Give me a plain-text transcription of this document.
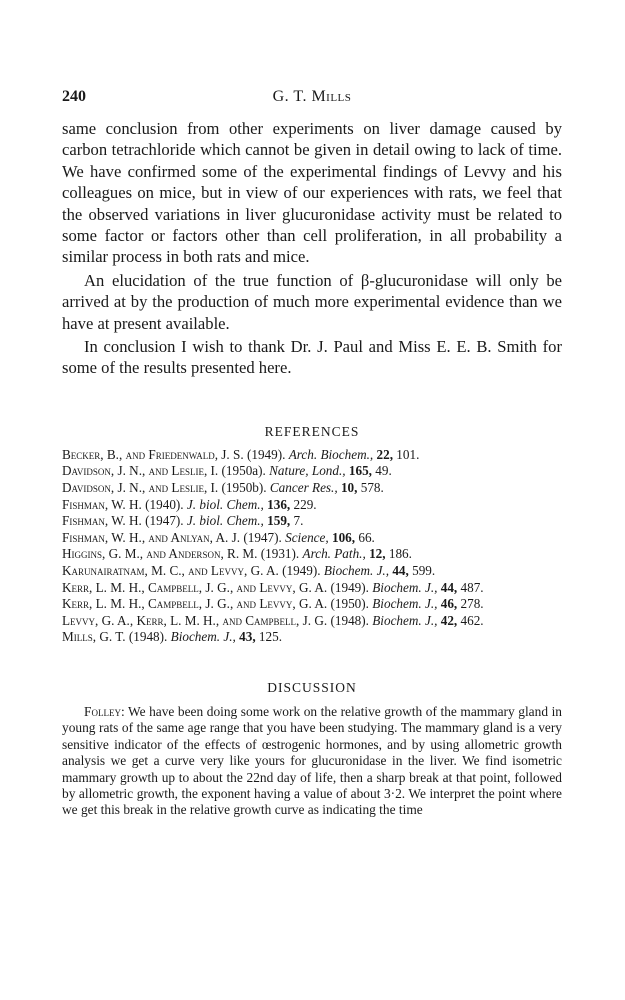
240	G. T. Mills

same conclusion from other experiments on liver damage caused by carbon tetrachloride which cannot be given in detail owing to lack of time. We have confirmed some of the experimental findings of Levvy and his colleagues on mice, but in view of our experiences with rats, we feel that the observed variations in liver glucuronidase activity must be related to some factor or factors other than cell proliferation, in all probability a similar process in both rats and mice.

An elucidation of the true function of β-glucuronidase will only be arrived at by the production of much more experimental evidence than we have at present available.

In conclusion I wish to thank Dr. J. Paul and Miss E. E. B. Smith for some of the results presented here.

REFERENCES

Becker, B., and Friedenwald, J. S. (1949). Arch. Biochem., 22, 101.

Davidson, J. N., and Leslie, I. (1950a). Nature, Lond., 165, 49.

Davidson, J. N., and Leslie, I. (1950b). Cancer Res., 10, 578.

Fishman, W. H. (1940). J. biol. Chem., 136, 229.

Fishman, W. H. (1947). J. biol. Chem., 159, 7.

Fishman, W. H., and Anlyan, A. J. (1947). Science, 106, 66.

Higgins, G. M., and Anderson, R. M. (1931). Arch. Path., 12, 186.

Karunairatnam, M. C., and Levvy, G. A. (1949). Biochem. J., 44, 599.

Kerr, L. M. H., Campbell, J. G., and Levvy, G. A. (1949). Biochem. J., 44, 487.

Kerr, L. M. H., Campbell, J. G., and Levvy, G. A. (1950). Biochem. J., 46, 278.

Levvy, G. A., Kerr, L. M. H., and Campbell, J. G. (1948). Biochem. J., 42, 462.

Mills, G. T. (1948). Biochem. J., 43, 125.

DISCUSSION

Folley: We have been doing some work on the relative growth of the mammary gland in young rats of the same age range that you have been studying. The mammary gland is a very sensitive indicator of the effects of œstrogenic hormones, and by using allometric growth analysis we get a curve very like yours for glucuronidase in the liver. We find isometric mammary growth up to about the 22nd day of life, then a sharp break at that point, followed by allometric growth, the exponent having a value of about 3·2. We interpret the point where we get this break in the relative growth curve as indicating the time
